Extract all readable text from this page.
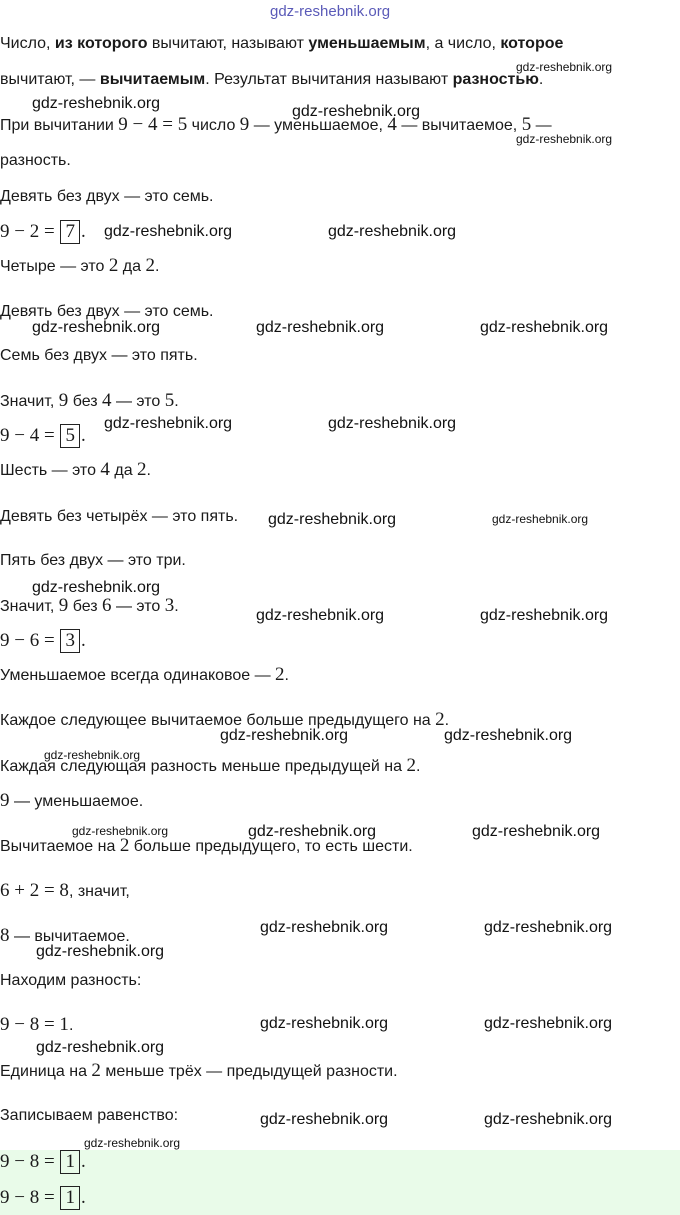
gdz-reshebnik.org
Число, из которого вычитают, называют уменьшаемым, а число, которое
вычитают, — вычитаемым. Результат вычитания называют разностью.
При вычитании 9 − 4 = 5 число 9 — уменьшаемое, 4 — вычитаемое, 5 —
разность.
Девять без двух — это семь.
9 − 2 = 7 .
Четыре — это 2 да 2.
Девять без двух — это семь.
Семь без двух — это пять.
Значит, 9 без 4 — это 5.
9 − 4 = 5 .
Шесть — это 4 да 2.
Девять без четырёх — это пять.
Пять без двух — это три.
Значит, 9 без 6 — это 3.
9 − 6 = 3 .
Уменьшаемое всегда одинаковое — 2.
Каждое следующее вычитаемое больше предыдущего на 2.
Каждая следующая разность меньше предыдущей на 2.
9 — уменьшаемое.
Вычитаемое на 2 больше предыдущего, то есть шести.
6 + 2 = 8, значит,
8 — вычитаемое.
Находим разность:
9 − 8 = 1.
Единица на 2 меньше трёх — предыдущей разности.
Записываем равенство:
9 − 8 = 1 .
9 − 8 = 1 .
gdz-reshebnik.org
gdz-reshebnik.org	gdz-reshebnik.org
gdz-reshebnik.org
gdz-reshebnik.org	gdz-reshebnik.org
gdz-reshebnik.org	gdz-reshebnik.org	gdz-reshebnik.org
gdz-reshebnik.org	gdz-reshebnik.org
gdz-reshebnik.org	gdz-reshebnik.org
gdz-reshebnik.org
gdz-reshebnik.org	gdz-reshebnik.org
gdz-reshebnik.org	gdz-reshebnik.org
gdz-reshebnik.org
gdz-reshebnik.org	gdz-reshebnik.org	gdz-reshebnik.org
gdz-reshebnik.org	gdz-reshebnik.org
gdz-reshebnik.org
gdz-reshebnik.org	gdz-reshebnik.org
gdz-reshebnik.org
gdz-reshebnik.org	gdz-reshebnik.org
gdz-reshebnik.org
